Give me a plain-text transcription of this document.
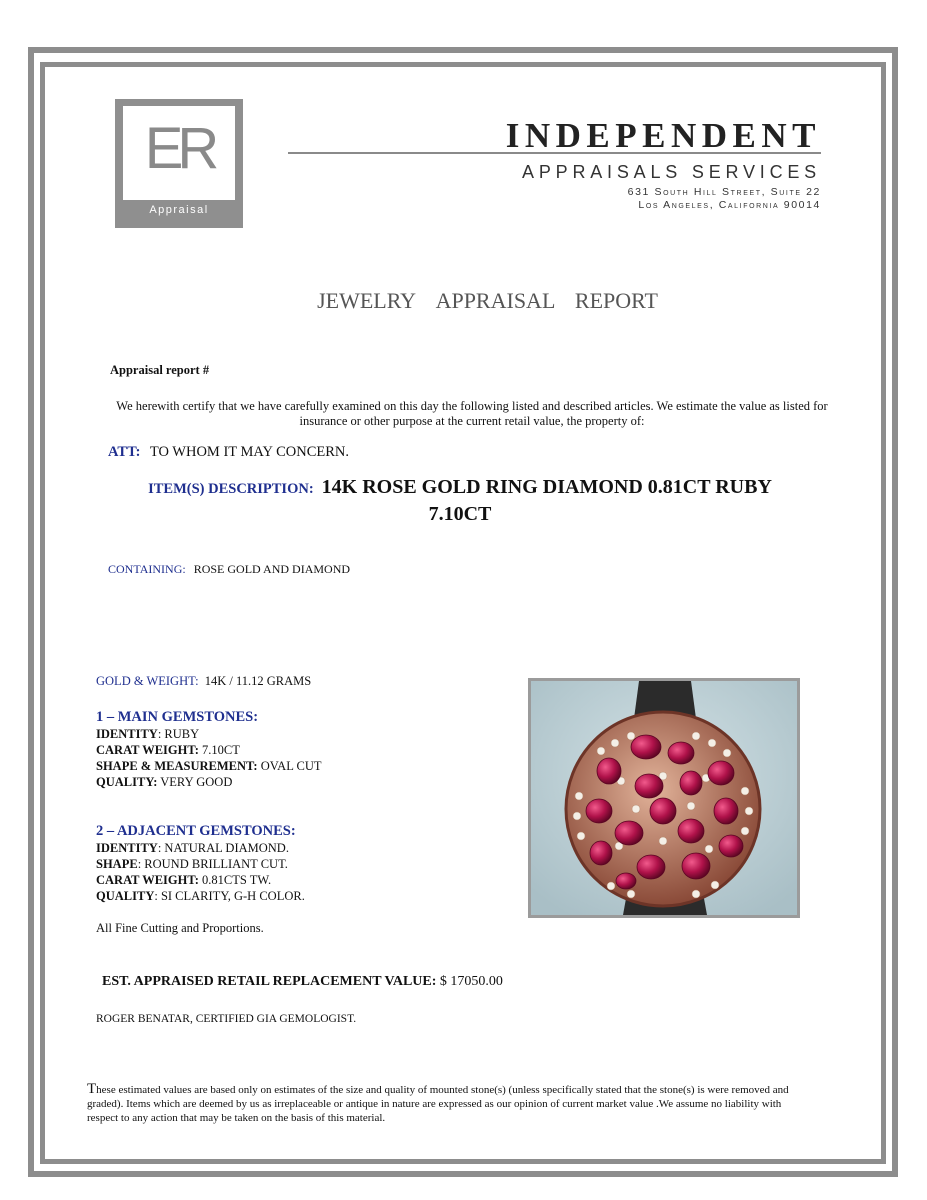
ER
Appraisal
INDEPENDENT
APPRAISALS SERVICES
631 South Hill Street, Suite 22
Los Angeles, California 90014
JEWELRY APPRAISAL REPORT
Appraisal report #
We herewith certify that we have carefully examined on this day the following listed and described articles. We estimate the value as listed for insurance or other purpose at the current retail value, the property of:
ATT: TO WHOM IT MAY CONCERN.
ITEM(S) DESCRIPTION: 14K ROSE GOLD RING DIAMOND 0.81CT RUBY 7.10CT
CONTAINING: ROSE GOLD AND DIAMOND
GOLD & WEIGHT: 14K / 11.12 GRAMS
1 – MAIN GEMSTONES:
IDENTITY: RUBY
CARAT WEIGHT: 7.10CT
SHAPE & MEASUREMENT: OVAL CUT
QUALITY: VERY GOOD
2 – ADJACENT GEMSTONES:
IDENTITY: NATURAL DIAMOND.
SHAPE: ROUND BRILLIANT CUT.
CARAT WEIGHT: 0.81CTS TW.
QUALITY: SI CLARITY, G-H COLOR.
All Fine Cutting and Proportions.
EST. APPRAISED RETAIL REPLACEMENT VALUE: $ 17050.00
ROGER BENATAR, CERTIFIED GIA GEMOLOGIST.
These estimated values are based only on estimates of the size and quality of mounted stone(s) (unless specifically stated that the stone(s) is were removed and graded). Items which are deemed by us as irreplaceable or antique in nature are expressed as our opinion of current market value .We assume no liability with respect to any action that may be taken on the basis of this material.
